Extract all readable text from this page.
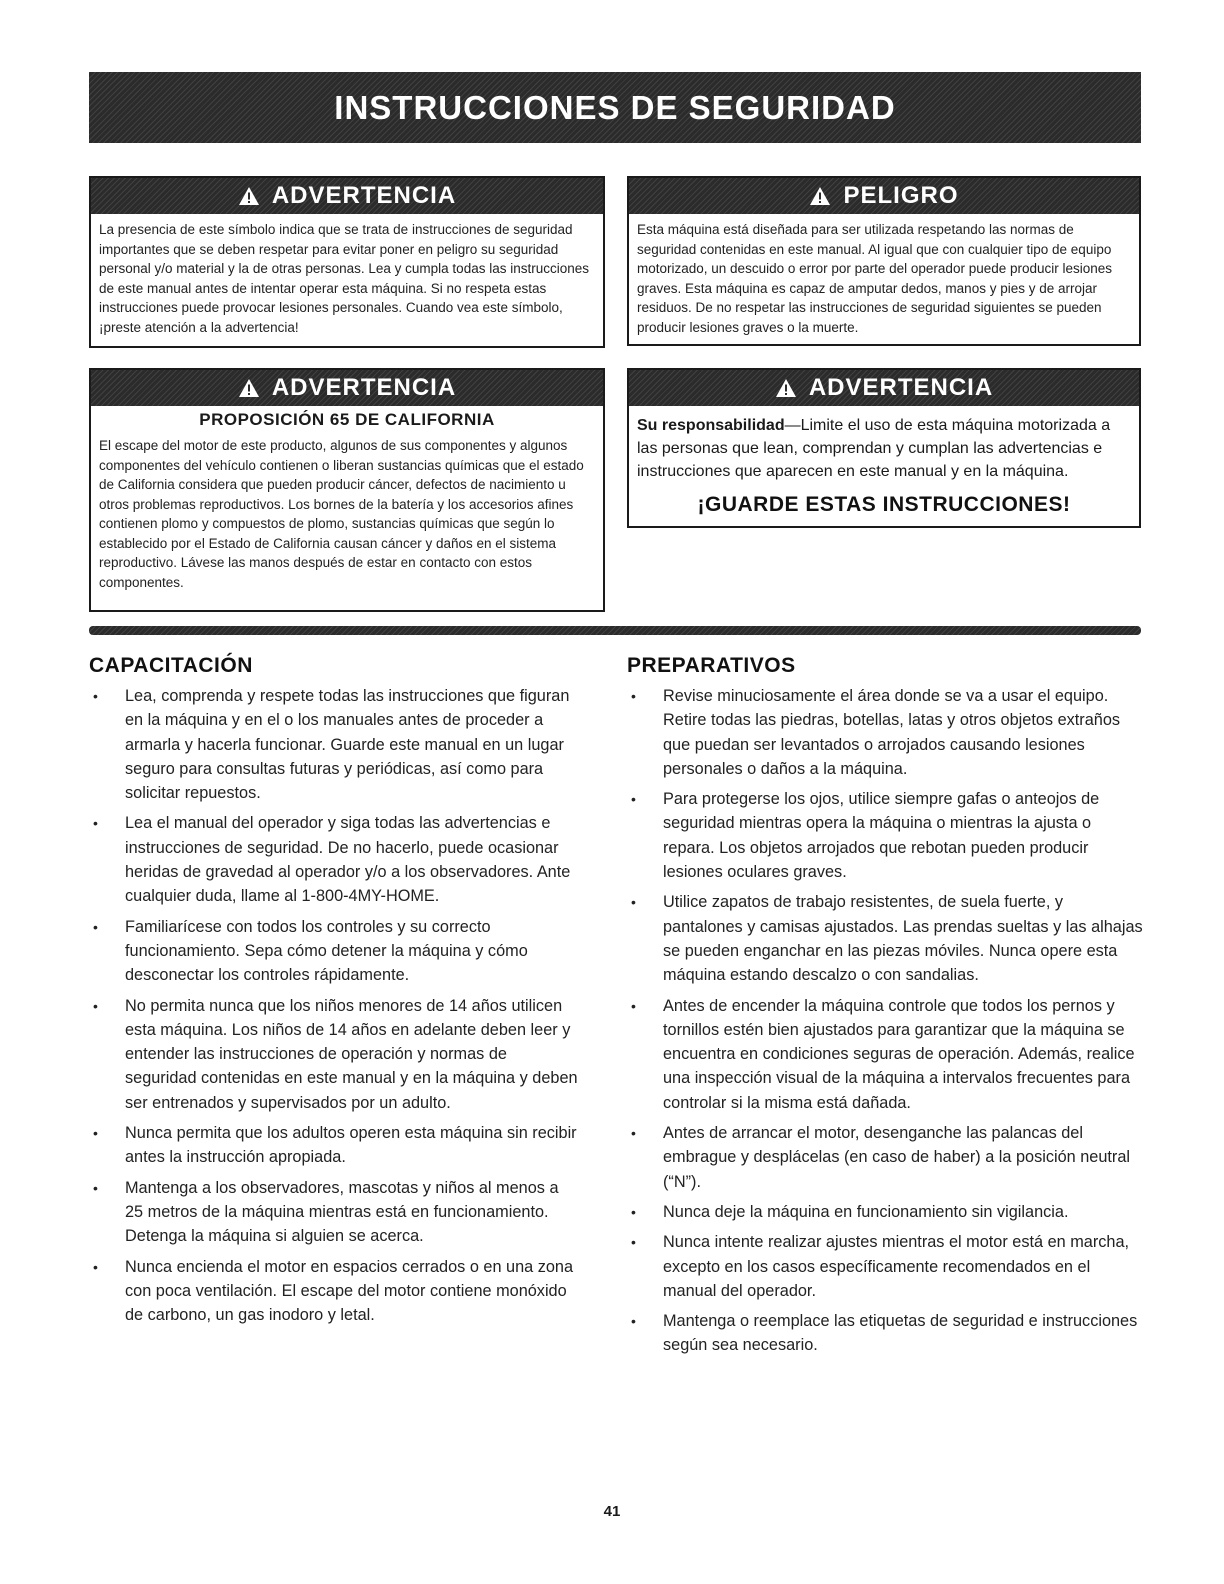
INSTRUCCIONES DE SEGURIDAD
ADVERTENCIA
La presencia de este símbolo indica que se trata de instrucciones de seguridad importantes que se deben respetar para evitar poner en peligro su seguridad personal y/o material y la de otras personas. Lea y cumpla todas las instrucciones de este manual antes de intentar operar esta máquina. Si no respeta estas instrucciones puede provocar lesiones personales. Cuando vea este símbolo, ¡preste atención a la advertencia!
PELIGRO
Esta máquina está diseñada para ser utilizada respetando las normas de seguridad contenidas en este manual. Al igual que con cualquier tipo de equipo motorizado, un descuido o error por parte del operador puede producir lesiones graves. Esta máquina es capaz de amputar dedos, manos y pies y de arrojar residuos. De no respetar las instrucciones de seguridad siguientes se pueden producir lesiones graves o la muerte.
ADVERTENCIA
PROPOSICIÓN 65 DE CALIFORNIA
El escape del motor de este producto, algunos de sus componentes y algunos componentes del vehículo contienen o liberan sustancias químicas que el estado de California considera que pueden producir cáncer, defectos de nacimiento u otros problemas reproductivos. Los bornes de la batería y los accesorios afines contienen plomo y compuestos de plomo, sustancias químicas que según lo establecido por el Estado de California causan cáncer y daños en el sistema reproductivo. Lávese las manos después de estar en contacto con estos componentes.
ADVERTENCIA
Su responsabilidad—Limite el uso de esta máquina motorizada a las personas que lean, comprendan y cumplan las advertencias e instrucciones que aparecen en este manual y en la máquina.
¡GUARDE ESTAS INSTRUCCIONES!
CAPACITACIÓN
• Lea, comprenda y respete todas las instrucciones que figuran en la máquina y en el o los manuales antes de proceder a armarla y hacerla funcionar. Guarde este manual en un lugar seguro para consultas futuras y periódicas, así como para solicitar repuestos.
• Lea el manual del operador y siga todas las advertencias e instrucciones de seguridad. De no hacerlo, puede ocasionar heridas de gravedad al operador y/o a los observadores. Ante cualquier duda, llame al 1-800-4MY-HOME.
• Familiarícese con todos los controles y su correcto funcionamiento. Sepa cómo detener la máquina y cómo desconectar los controles rápidamente.
• No permita nunca que los niños menores de 14 años utilicen esta máquina. Los niños de 14 años en adelante deben leer y entender las instrucciones de operación y normas de seguridad contenidas en este manual y en la máquina y deben ser entrenados y supervisados por un adulto.
• Nunca permita que los adultos operen esta máquina sin recibir antes la instrucción apropiada.
• Mantenga a los observadores, mascotas y niños al menos a 25 metros de la máquina mientras está en funcionamiento. Detenga la máquina si alguien se acerca.
• Nunca encienda el motor en espacios cerrados o en una zona con poca ventilación. El escape del motor contiene monóxido de carbono, un gas inodoro y letal.
PREPARATIVOS
• Revise minuciosamente el área donde se va a usar el equipo. Retire todas las piedras, botellas, latas y otros objetos extraños que puedan ser levantados o arrojados causando lesiones personales o daños a la máquina.
• Para protegerse los ojos, utilice siempre gafas o anteojos de seguridad mientras opera la máquina o mientras la ajusta o repara. Los objetos arrojados que rebotan pueden producir lesiones oculares graves.
• Utilice zapatos de trabajo resistentes, de suela fuerte, y pantalones y camisas ajustados. Las prendas sueltas y las alhajas se pueden enganchar en las piezas móviles. Nunca opere esta máquina estando descalzo o con sandalias.
• Antes de encender la máquina controle que todos los pernos y tornillos estén bien ajustados para garantizar que la máquina se encuentra en condiciones seguras de operación. Además, realice una inspección visual de la máquina a intervalos frecuentes para controlar si la misma está dañada.
• Antes de arrancar el motor, desenganche las palancas del embrague y desplácelas (en caso de haber) a la posición neutral (“N”).
• Nunca deje la máquina en funcionamiento sin vigilancia.
• Nunca intente realizar ajustes mientras el motor está en marcha, excepto en los casos específicamente recomendados en el manual del operador.
• Mantenga o reemplace las etiquetas de seguridad e instrucciones según sea necesario.
41
